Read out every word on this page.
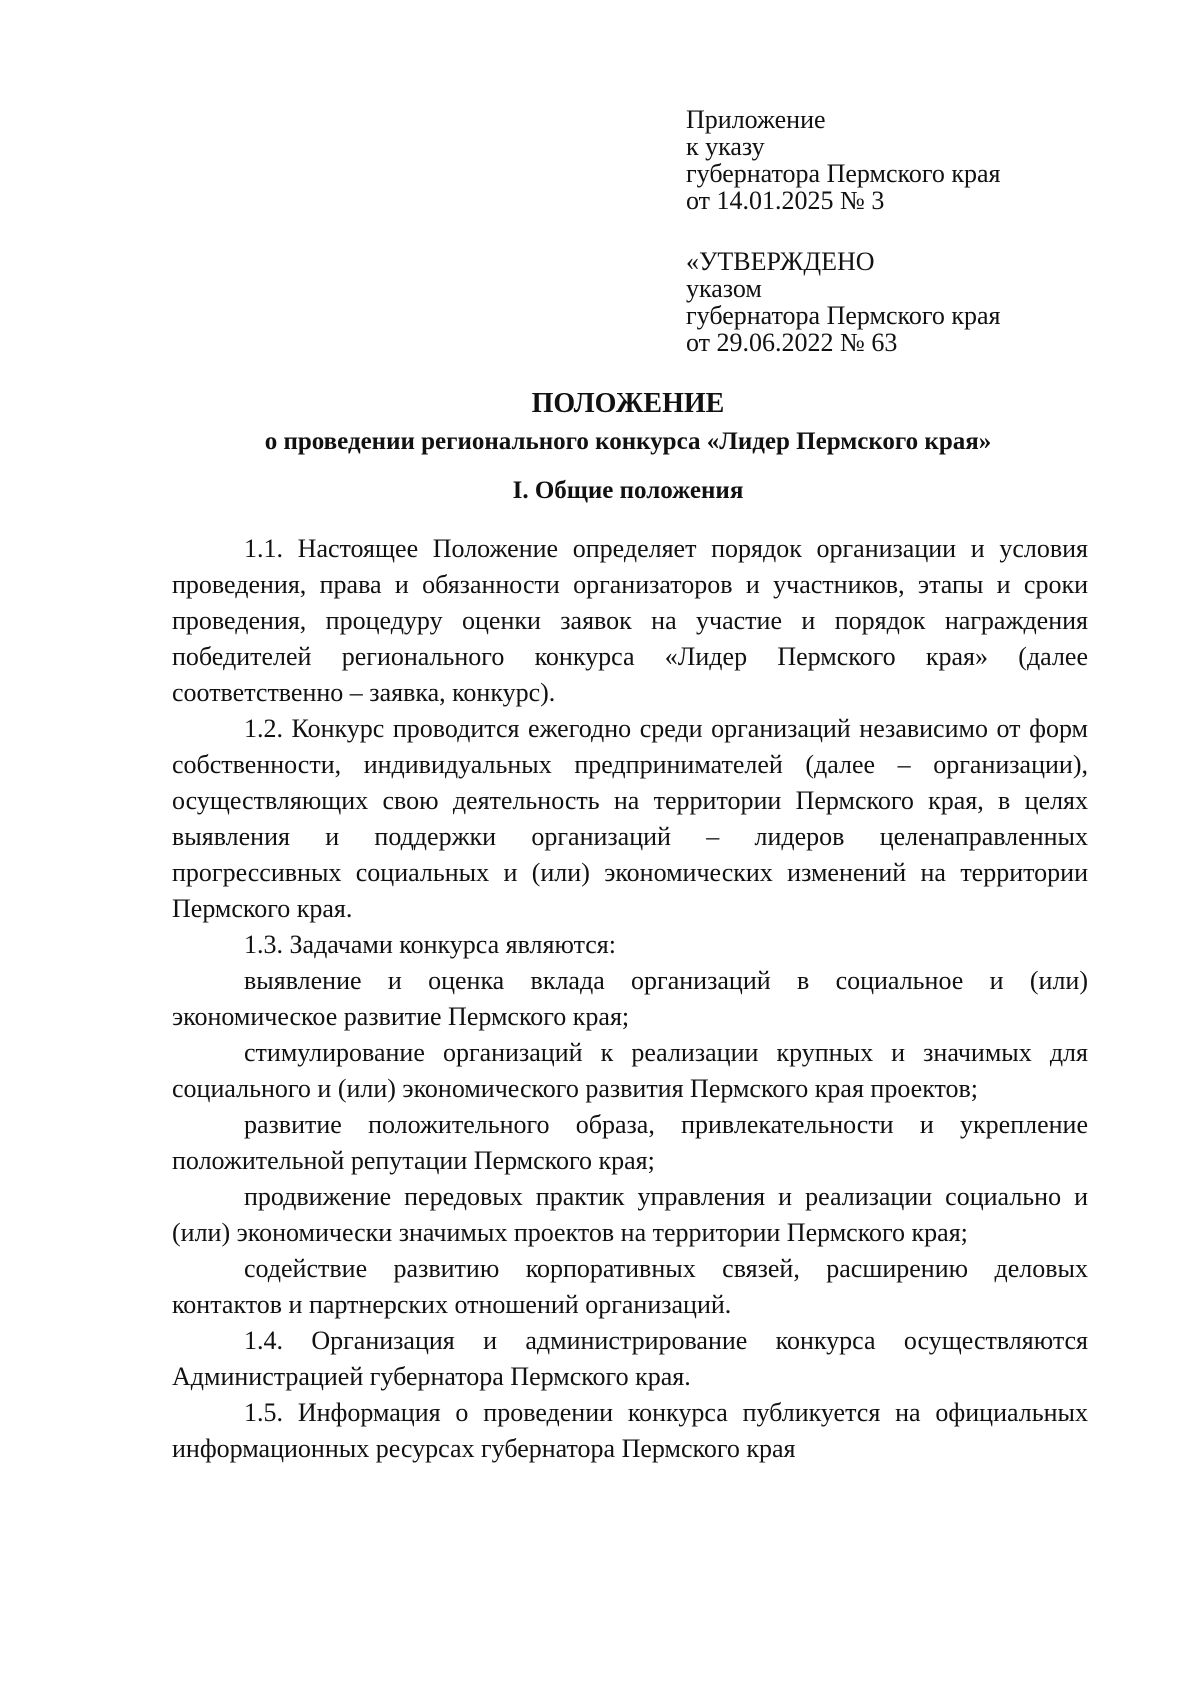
Приложение
к указу
губернатора Пермского края
от 14.01.2025 № 3
«УТВЕРЖДЕНО
указом
губернатора Пермского края
от 29.06.2022 № 63
ПОЛОЖЕНИЕ
о проведении регионального конкурса «Лидер Пермского края»
I. Общие положения

1.1. Настоящее Положение определяет порядок организации и условия проведения, права и обязанности организаторов и участников, этапы и сроки проведения, процедуру оценки заявок на участие и порядок награждения победителей регионального конкурса «Лидер Пермского края» (далее соответственно – заявка, конкурс).

1.2. Конкурс проводится ежегодно среди организаций независимо от форм собственности, индивидуальных предпринимателей (далее – организации), осуществляющих свою деятельность на территории Пермского края, в целях выявления и поддержки организаций – лидеров целенаправленных прогрессивных социальных и (или) экономических изменений на территории Пермского края.

1.3. Задачами конкурса являются:

выявление и оценка вклада организаций в социальное и (или) экономическое развитие Пермского края;

стимулирование организаций к реализации крупных и значимых для социального и (или) экономического развития Пермского края проектов;

развитие положительного образа, привлекательности и укрепление положительной репутации Пермского края;

продвижение передовых практик управления и реализации социально и (или) экономически значимых проектов на территории Пермского края;

содействие развитию корпоративных связей, расширению деловых контактов и партнерских отношений организаций.

1.4. Организация и администрирование конкурса осуществляются Администрацией губернатора Пермского края.

1.5. Информация о проведении конкурса публикуется на официальных информационных ресурсах губернатора Пермского края
